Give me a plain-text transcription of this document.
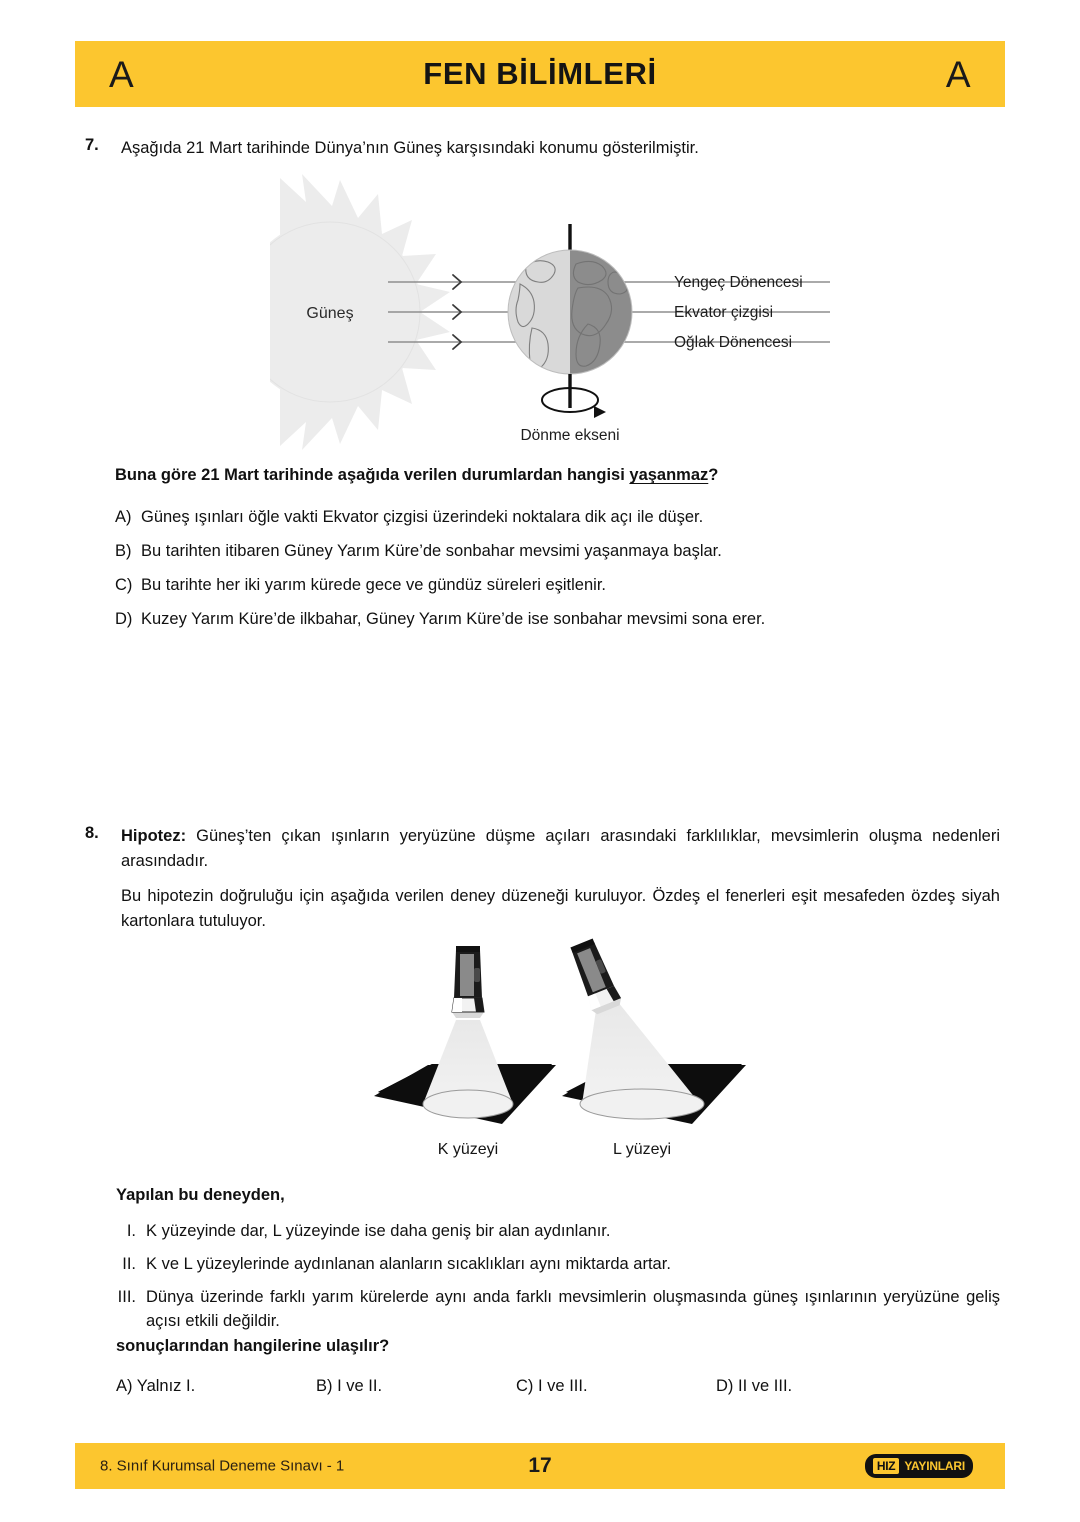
A	FEN BİLİMLERİ	A
7.	Aşağıda 21 Mart tarihinde Dünya’nın Güneş karşısındaki konumu gösterilmiştir.
Güneş
Yengeç Dönencesi
Ekvator çizgisi
Oğlak Dönencesi
Dönme ekseni
Buna göre 21 Mart tarihinde aşağıda verilen durumlardan hangisi yaşanmaz?
A) Güneş ışınları öğle vakti Ekvator çizgisi üzerindeki noktalara dik açı ile düşer.
B) Bu tarihten itibaren Güney Yarım Küre’de sonbahar mevsimi yaşanmaya başlar.
C) Bu tarihte her iki yarım kürede gece ve gündüz süreleri eşitlenir.
D) Kuzey Yarım Küre’de ilkbahar, Güney Yarım Küre’de ise sonbahar mevsimi sona erer.
8.	Hipotez: Güneş’ten çıkan ışınların yeryüzüne düşme açıları arasındaki farklılıklar, mevsimlerin oluşma nedenleri arasındadır.
Bu hipotezin doğruluğu için aşağıda verilen deney düzeneği kuruluyor. Özdeş el fenerleri eşit mesafeden özdeş siyah kartonlara tutuluyor.
K yüzeyi	L yüzeyi
Yapılan bu deneyden,
I. K yüzeyinde dar, L yüzeyinde ise daha geniş bir alan aydınlanır.
II. K ve L yüzeylerinde aydınlanan alanların sıcaklıkları aynı miktarda artar.
III. Dünya üzerinde farklı yarım kürelerde aynı anda farklı mevsimlerin oluşmasında güneş ışınlarının yeryüzüne geliş açısı etkili değildir.
sonuçlarından hangilerine ulaşılır?
A) Yalnız I.	B) I ve II.	C) I ve III.	D) II ve III.
8. Sınıf Kurumsal Deneme Sınavı - 1	17	HIZ YAYINLARI
